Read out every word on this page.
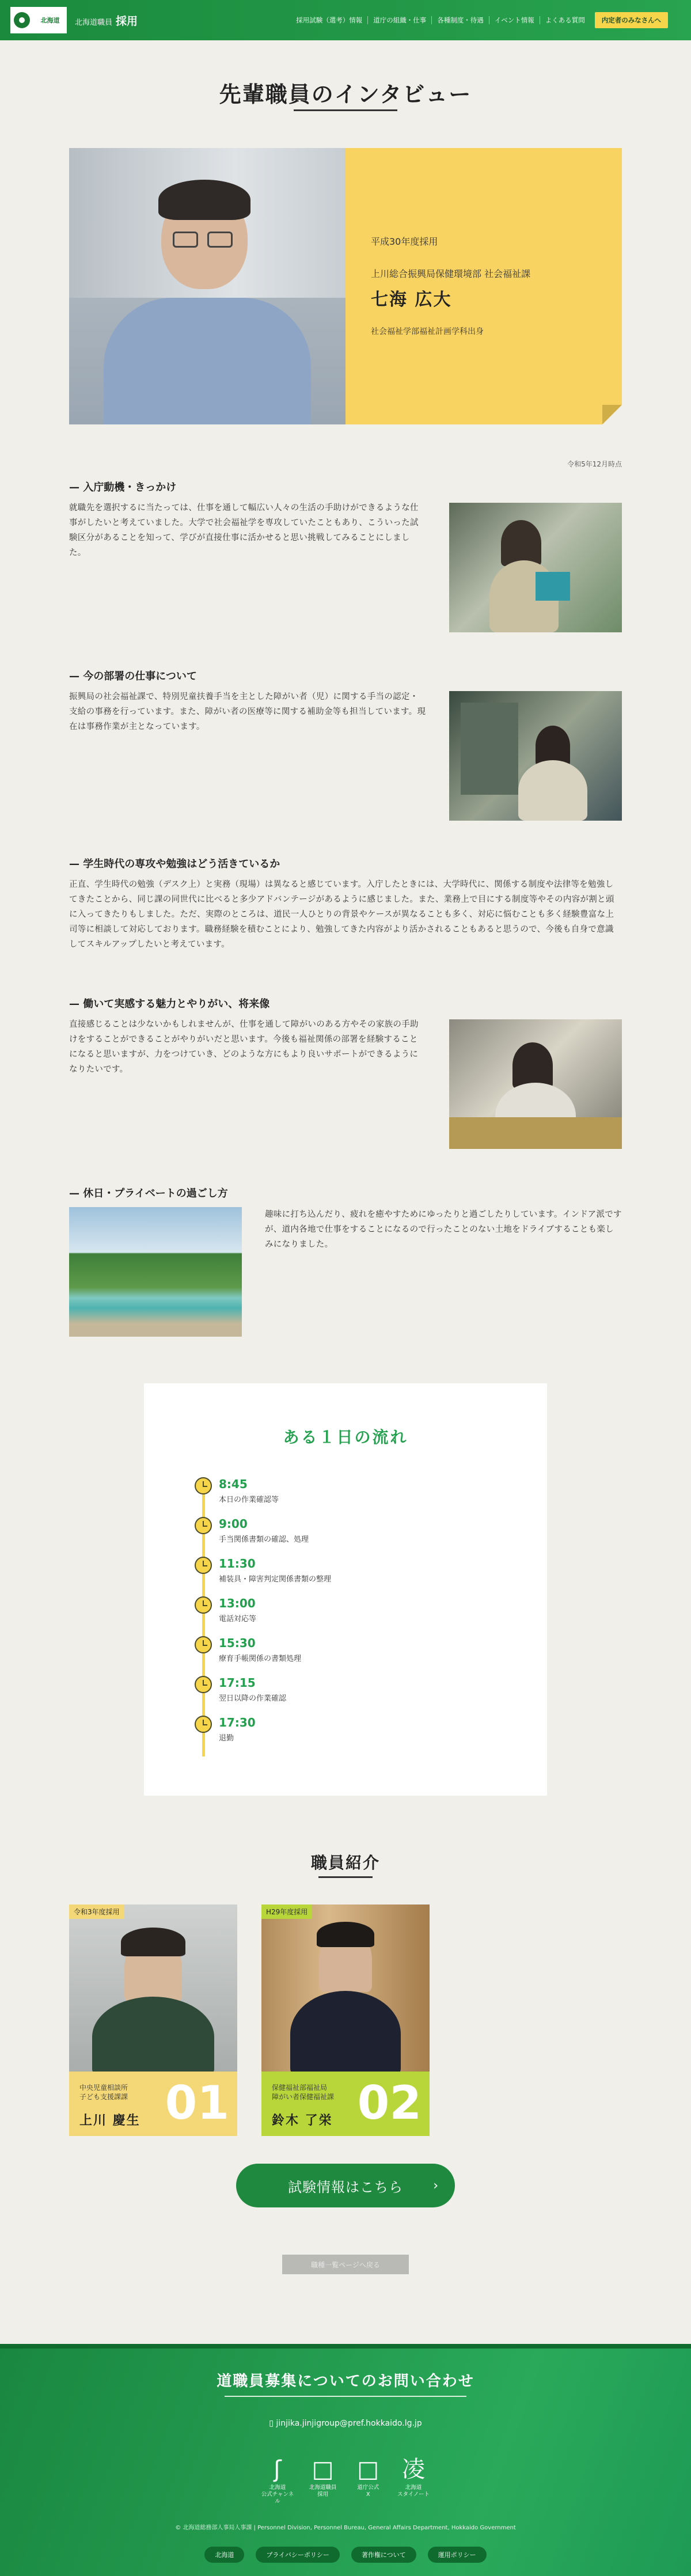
北海道	北海道職員 採用	採用試験（選考）情報	道庁の組織・仕事	各種制度・待遇	イベント情報	よくある質問	内定者のみなさんへ
先輩職員のインタビュー
平成30年度採用
上川総合振興局保健環境部 社会福祉課
七海 広大
社会福祉学部福祉計画学科出身
令和5年12月時点
— 入庁動機・きっかけ

就職先を選択するに当たっては、仕事を通して幅広い人々の生活の手助けができるような仕事がしたいと考えていました。大学で社会福祉学を専攻していたこともあり、こういった試験区分があることを知って、学びが直接仕事に活かせると思い挑戦してみることにしました。

— 今の部署の仕事について

振興局の社会福祉課で、特別児童扶養手当を主とした障がい者（児）に関する手当の認定・支給の事務を行っています。また、障がい者の医療等に関する補助金等も担当しています。現在は事務作業が主となっています。

— 学生時代の専攻や勉強はどう活きているか

正直、学生時代の勉強（デスク上）と実務（現場）は異なると感じています。入庁したときには、大学時代に、関係する制度や法律等を勉強してきたことから、同じ課の同世代に比べると多少アドバンテージがあるように感じました。また、業務上で目にする制度等やその内容が割と頭に入ってきたりもしました。ただ、実際のところは、道民一人ひとりの背景やケースが異なることも多く、対応に悩むことも多く経験豊富な上司等に相談して対応しております。職務経験を積むことにより、勉強してきた内容がより活かされることもあると思うので、今後も自身で意識してスキルアップしたいと考えています。

— 働いて実感する魅力とやりがい、将来像

直接感じることは少ないかもしれませんが、仕事を通して障がいのある方やその家族の手助けをすることができることがやりがいだと思います。今後も福祉関係の部署を経験することになると思いますが、力をつけていき、どのような方にもより良いサポートができるようになりたいです。

— 休日・プライベートの過ごし方

趣味に打ち込んだり、疲れを癒やすためにゆったりと過ごしたりしています。インドア派ですが、道内各地で仕事をすることになるので行ったことのない土地をドライブすることも楽しみになりました。

ある１日の流れ
8:45
本日の作業確認等
9:00
手当関係書類の確認、処理
11:30
補装具・障害判定関係書類の整理
13:00
電話対応等
15:30
療育手帳関係の書類処理
17:15
翌日以降の作業確認
17:30
退勤
職員紹介
令和3年度採用
中央児童相談所
子ども支援課課
上川 慶生 01
H29年度採用
保健福祉部福祉局
障がい者保健福祉課
鈴木 了栄 02
試験情報はこちら ›
職種一覧ページへ戻る
道職員募集についてのお問い合わせ
▯ jinjika.jinjigroup@pref.hokkaido.lg.jp
ʃ
北海道
公式チャンネル
□
北海道職員
採用
□
道庁公式
X
凌
北海道
スタイノート
© 北海道総務部人事局人事課 | Personnel Division, Personnel Bureau, General Affairs Department, Hokkaido Government
北海道	プライバシーポリシー	著作権について	運用ポリシー
